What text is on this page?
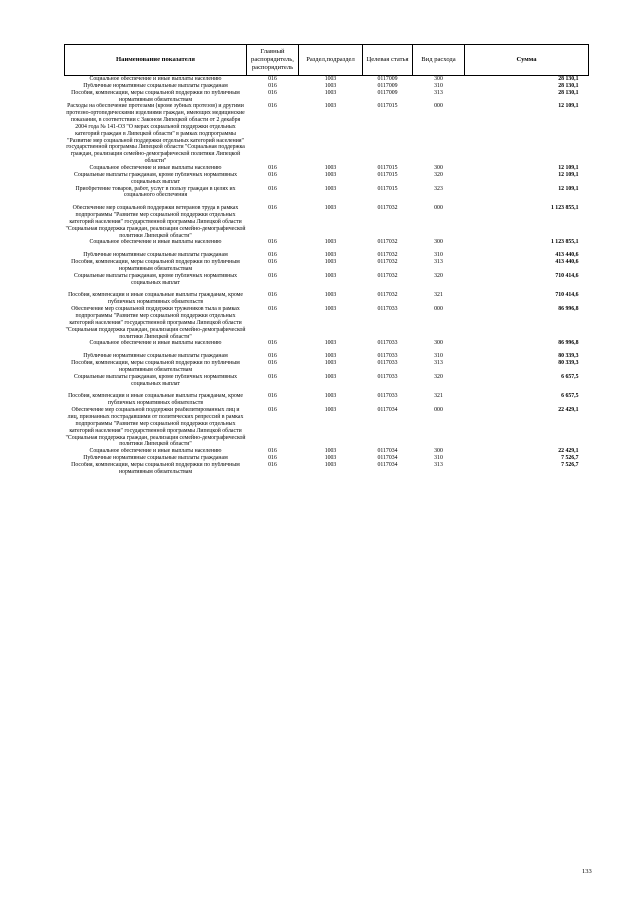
Наименование показателя	Главный распорядитель, распорядитель	Раздел,подраздел	Целевая статья	Вид расхода	Сумма
Социальное обеспечение и иные выплаты населению	016	1003	0117009	300	28 130,1
Публичные нормативные социальные выплаты гражданам	016	1003	0117009	310	28 130,1
Пособия, компенсации, меры социальной поддержки по публичным нормативным обязательствам	016	1003	0117009	313	28 130,1
Расходы на обеспечение протезами (кроме зубных протезов) и другими протезно-ортопедическими изделиями граждан, имеющих медицинские показания, в соответствии с Законом Липецкой области от 2 декабря 2004 года № 141-ОЗ "О мерах социальной поддержки отдельных категорий граждан в Липецкой области" в рамках подпрограммы "Развитие мер социальной поддержки отдельных категорий населения" государственной программы Липецкой области "Социальная поддержка граждан, реализация семейно-демографической политики Липецкой области"	016	1003	0117015	000	12 109,1
Социальное обеспечение и иные выплаты населению	016	1003	0117015	300	12 109,1
Социальные выплаты гражданам, кроме публичных нормативных социальных выплат	016	1003	0117015	320	12 109,1
Приобретение товаров, работ, услуг в пользу граждан в целях их социального обеспечения	016	1003	0117015	323	12 109,1
Обеспечение мер социальной поддержки ветеранов труда в рамках подпрограммы "Развитие мер социальной поддержки отдельных категорий населения" государственной программы Липецкой области "Социальная поддержка граждан, реализация семейно-демографической политики Липецкой области"	016	1003	0117032	000	1 123 855,1
Социальное обеспечение и иные выплаты населению	016	1003	0117032	300	1 123 855,1
Публичные нормативные социальные выплаты гражданам	016	1003	0117032	310	413 440,6
Пособия, компенсации, меры социальной поддержки по публичным нормативным обязательствам	016	1003	0117032	313	413 440,6
Социальные выплаты гражданам, кроме публичных нормативных социальных выплат	016	1003	0117032	320	710 414,6
Пособия, компенсации и иные социальные выплаты гражданам, кроме публичных нормативных обязательств	016	1003	0117032	321	710 414,6
Обеспечение мер социальной поддержки тружеников тыла в рамках подпрограммы "Развитие мер социальной поддержки отдельных категорий населения" государственной программы Липецкой области "Социальная поддержка граждан, реализация семейно-демографической политики Липецкой области"	016	1003	0117033	000	86 996,8
Социальное обеспечение и иные выплаты населению	016	1003	0117033	300	86 996,8
Публичные нормативные социальные выплаты гражданам	016	1003	0117033	310	80 339,3
Пособия, компенсации, меры социальной поддержки по публичным нормативным обязательствам	016	1003	0117033	313	80 339,3
Социальные выплаты гражданам, кроме публичных нормативных социальных выплат	016	1003	0117033	320	6 657,5
Пособия, компенсации и иные социальные выплаты гражданам, кроме публичных нормативных обязательств	016	1003	0117033	321	6 657,5
Обеспечение мер социальной поддержки реабилитированных лиц и лиц, признанных пострадавшими от политических репрессий в рамках подпрограммы "Развитие мер социальной поддержки отдельных категорий населения" государственной программы Липецкой области "Социальная поддержка граждан, реализация семейно-демографической политики Липецкой области"	016	1003	0117034	000	22 429,1
Социальное обеспечение и иные выплаты населению	016	1003	0117034	300	22 429,1
Публичные нормативные социальные выплаты гражданам	016	1003	0117034	310	7 526,7
Пособия, компенсации, меры социальной поддержки по публичным нормативным обязательствам	016	1003	0117034	313	7 526,7
133
